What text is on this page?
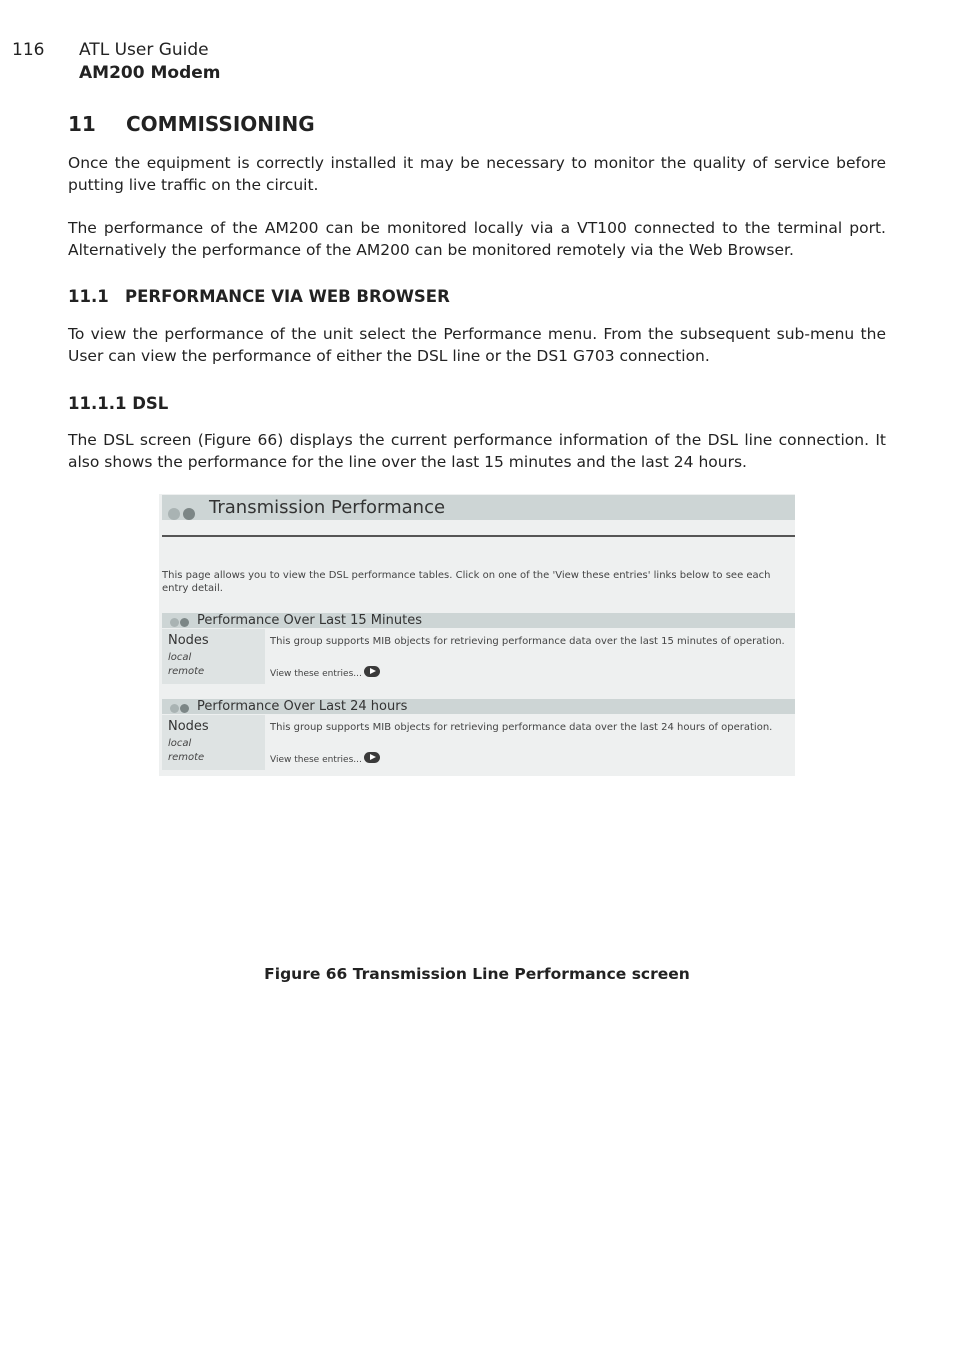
116 ATL User Guide
AM200 Modem
11 COMMISSIONING
Once the equipment is correctly installed it may be necessary to monitor the quality of service before putting live traffic on the circuit.
The performance of the AM200 can be monitored locally via a VT100 connected to the terminal port. Alternatively the performance of the AM200 can be monitored remotely via the Web Browser.
11.1 PERFORMANCE VIA WEB BROWSER
To view the performance of the unit select the Performance menu. From the subsequent sub-menu the User can view the performance of either the DSL line or the DS1 G703 connection.
11.1.1 DSL
The DSL screen (Figure 66) displays the current performance information of the DSL line connection. It also shows the performance for the line over the last 15 minutes and the last 24 hours.
Transmission Performance
This page allows you to view the DSL performance tables. Click on one of the 'View these entries' links below to see each entry detail.
Performance Over Last 15 Minutes
Nodes
local
remote
This group supports MIB objects for retrieving performance data over the last 15 minutes of operation.
View these entries...
Performance Over Last 24 hours
Nodes
local
remote
This group supports MIB objects for retrieving performance data over the last 24 hours of operation.
View these entries...
Figure 66 Transmission Line Performance screen
